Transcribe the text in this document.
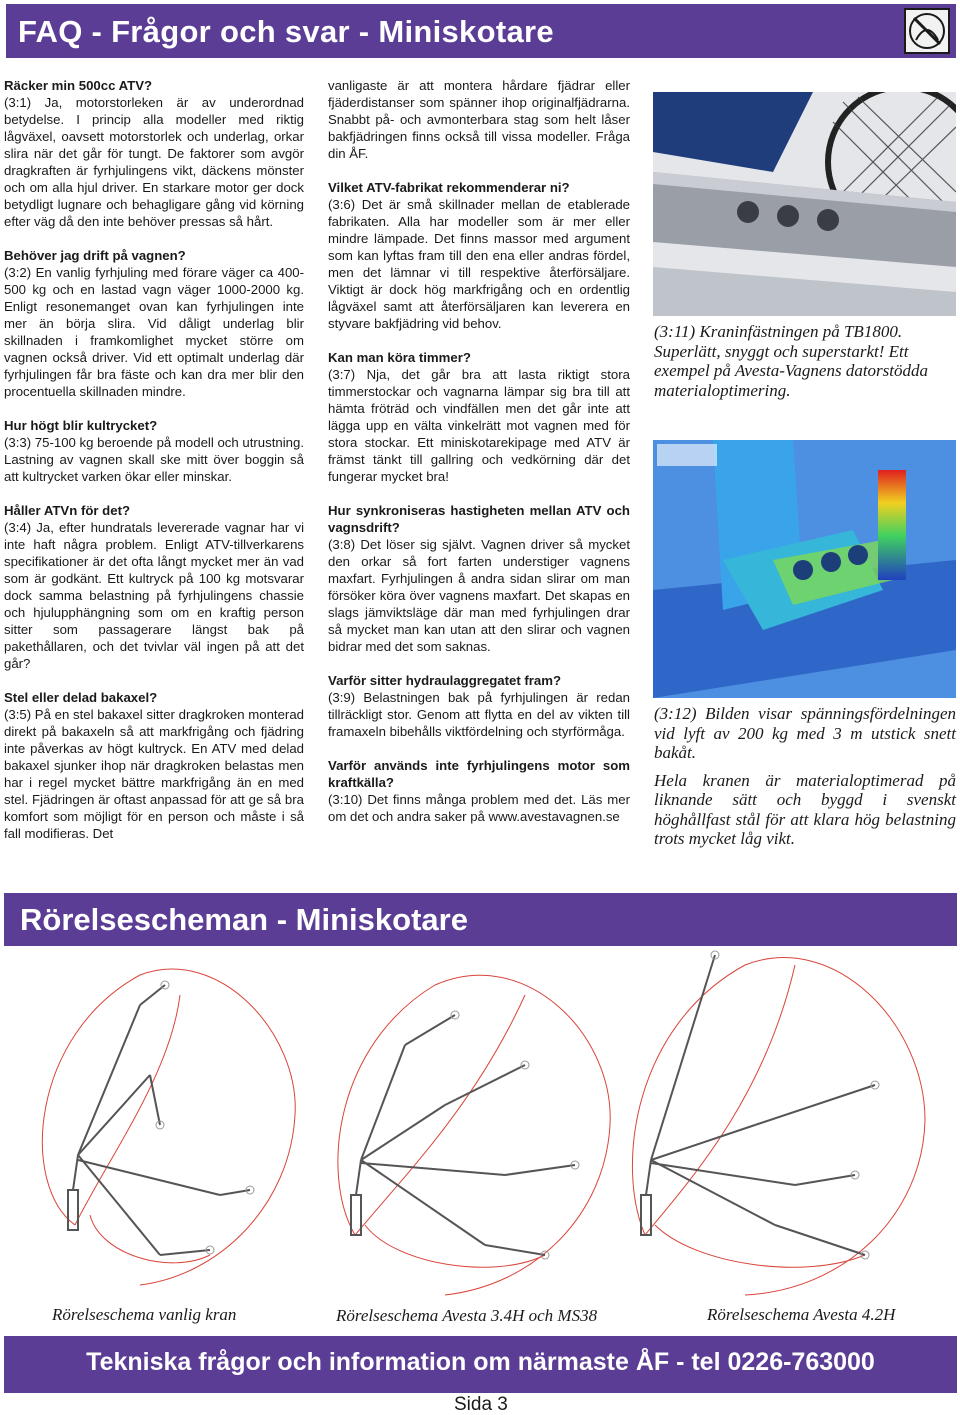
FAQ - Frågor och svar - Miniskotare
Räcker min 500cc ATV?

(3:1) Ja, motorstorleken är av underordnad betydelse. I princip alla modeller med riktig lågväxel, oavsett motorstorlek och underlag, orkar slira när det går för tungt. De faktorer som avgör dragkraften är fyrhjulingens vikt, däckens mönster och om alla hjul driver. En starkare motor ger dock betydligt lugnare och behagligare gång vid körning efter väg då den inte behöver pressas så hårt.

Behöver jag drift på vagnen?

(3:2) En vanlig fyrhjuling med förare väger ca 400-500 kg och en lastad vagn väger 1000-2000 kg. Enligt resonemanget ovan kan fyrhjulingen inte mer än börja slira. Vid dåligt underlag blir skillnaden i framkomlighet mycket större om vagnen också driver. Vid ett optimalt underlag där fyrhjulingen får bra fäste och kan dra mer blir den procentuella skillnaden mindre.

Hur högt blir kultrycket?

(3:3) 75-100 kg beroende på modell och utrustning. Lastning av vagnen skall ske mitt över boggin så att kultrycket varken ökar eller minskar.

Håller ATVn för det?

(3:4) Ja, efter hundratals levererade vagnar har vi inte haft några problem. Enligt ATV-tillverkarens specifikationer är det ofta långt mycket mer än vad som är godkänt. Ett kultryck på 100 kg motsvarar dock samma belastning på fyrhjulingens chassie och hjulupphängning som om en kraftig person sitter som passagerare längst bak på pakethållaren, och det tvivlar väl ingen på att det går?

Stel eller delad bakaxel?

(3:5) På en stel bakaxel sitter dragkroken monterad direkt på bakaxeln så att markfrigång och fjädring inte påverkas av högt kultryck. En ATV med delad bakaxel sjunker ihop när dragkroken belastas men har i regel mycket bättre markfrigång än en med stel. Fjädringen är oftast anpassad för att ge så bra komfort som möjligt för en person och måste i så fall modifieras. Det

vanligaste är att montera hårdare fjädrar eller fjäderdistanser som spänner ihop originalfjädrarna. Snabbt på- och avmonterbara stag som helt låser bakfjädringen finns också till vissa modeller. Fråga din ÅF.

Vilket ATV-fabrikat rekommenderar ni?

(3:6) Det är små skillnader mellan de etablerade fabrikaten. Alla har modeller som är mer eller mindre lämpade. Det finns massor med argument som kan lyftas fram till den ena eller andras fördel, men det lämnar vi till respektive återförsäljare. Viktigt är dock hög markfrigång och en ordentlig lågväxel samt att återförsäljaren kan leverera en styvare bakfjädring vid behov.

Kan man köra timmer?

(3:7) Nja, det går bra att lasta riktigt stora timmerstockar och vagnarna lämpar sig bra till att hämta fröträd och vindfällen men det går inte att lägga upp en välta vinkelrätt mot vagnen med för stora stockar. Ett miniskotarekipage med ATV är främst tänkt till gallring och vedkörning där det fungerar mycket bra!

Hur synkroniseras hastigheten mellan ATV och vagnsdrift?

(3:8) Det löser sig självt. Vagnen driver så mycket den orkar så fort farten understiger vagnens maxfart. Fyrhjulingen å andra sidan slirar om man försöker köra över vagnens maxfart. Det skapas en slags jämviktsläge där man med fyrhjulingen drar så mycket man kan utan att den slirar och vagnen bidrar med det som saknas.

Varför sitter hydraulaggregatet fram?

(3:9) Belastningen bak på fyrhjulingen är redan tillräckligt stor. Genom att flytta en del av vikten till framaxeln bibehålls viktfördelning och styrförmåga.

Varför används inte fyrhjulingens motor som kraftkälla?

(3:10) Det finns många problem med det. Läs mer om det och andra saker på www.avestavagnen.se

(3:11) Kraninfästningen på TB1800. Superlätt, snyggt och superstarkt! Ett exempel på Avesta-Vagnens datorstödda materialoptimering.
(3:12) Bilden visar spänningsfördelningen vid lyft av 200 kg med 3 m utstick snett bakåt.
Hela kranen är materialoptimerad på liknande sätt och byggd i svenskt höghållfast stål för att klara hög belastning trots mycket låg vikt.
Rörelsescheman - Miniskotare
Rörelseschema vanlig kran	Rörelseschema Avesta 3.4H och MS38	Rörelseschema Avesta 4.2H
Tekniska frågor och information om närmaste ÅF - tel 0226-763000
Sida 3
